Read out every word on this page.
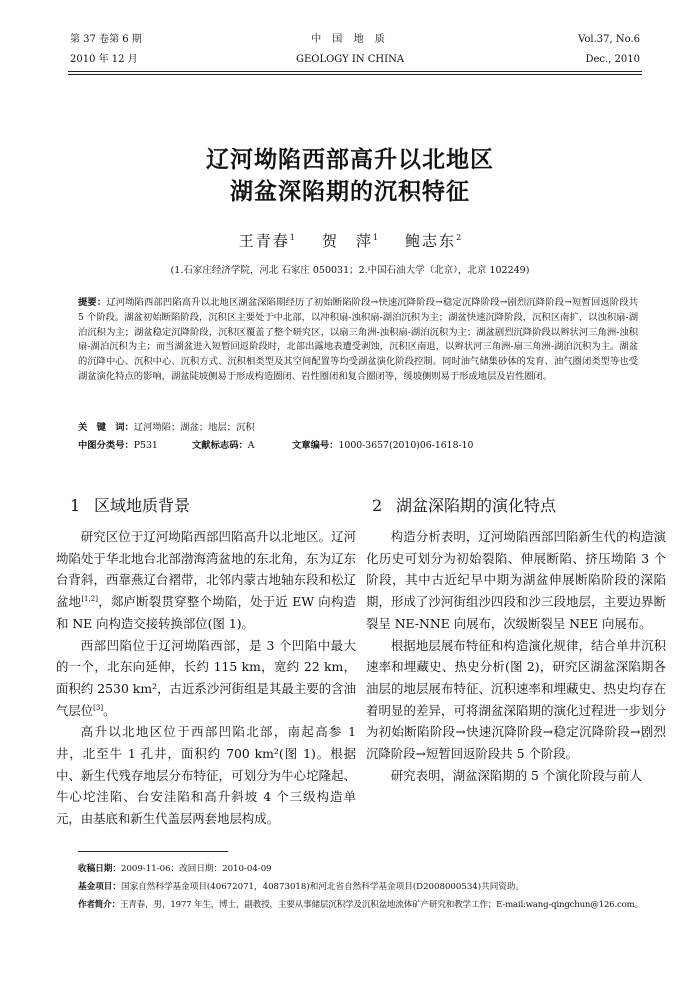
第 37 卷第 6 期
2010 年 12 月
中 国 地 质
GEOLOGY IN CHINA
Vol.37, No.6
Dec., 2010
辽河坳陷西部高升以北地区
湖盆深陷期的沉积特征
王青春$^1$ 贺　萍$^1$ 鲍志东$^2$
(1.石家庄经济学院，河北 石家庄 050031；2.中国石油大学（北京），北京 102249)
提要：辽河坳陷西部凹陷高升以北地区湖盆深陷期经历了初始断陷阶段→快速沉降阶段→稳定沉降阶段→剧烈沉降阶段→短暂回返阶段共 5 个阶段。湖盆初始断陷阶段，沉积区主要处于中北部，以冲积扇-浊积扇-湖泊沉积为主；湖盆快速沉降阶段，沉积区南扩，以浊积扇-湖泊沉积为主；湖盆稳定沉降阶段，沉积区覆盖了整个研究区，以扇三角洲-浊积扇-湖泊沉积为主；湖盆剧烈沉降阶段以辫状河三角洲-浊积扇-湖泊沉积为主；而当湖盆进入短暂回返阶段时，北部出露地表遭受剥蚀，沉积区南退，以辫状河三角洲-扇三角洲-湖泊沉积为主。湖盆的沉降中心、沉积中心、沉积方式、沉积相类型及其空间配置等均受湖盆演化阶段控制。同时油气储集砂体的发育、油气圈闭类型等也受湖盆演化特点的影响，湖盆陡坡侧易于形成构造圈闭、岩性圈闭和复合圈闭等，缓坡侧则易于形成地层及岩性圈闭。
关　键　词：辽河坳陷；湖盆；地层；沉积
中图分类号：P531	文献标志码：A	文章编号：1000-3657(2010)06-1618-10
1 区域地质背景

研究区位于辽河坳陷西部凹陷高升以北地区。辽河坳陷处于华北地台北部渤海湾盆地的东北角，东为辽东台背斜，西靠燕辽台褶带，北邻内蒙古地轴东段和松辽盆地[1,2]，郯庐断裂贯穿整个坳陷，处于近 EW 向构造和 NE 向构造交接转换部位(图 1)。

西部凹陷位于辽河坳陷西部，是 3 个凹陷中最大的一个，北东向延伸，长约 115 km，宽约 22 km，面积约 2530 km²，古近系沙河街组是其最主要的含油气层位[3]。

高升以北地区位于西部凹陷北部，南起高参 1 井，北至牛 1 孔井，面积约 700 km²(图 1)。根据中、新生代残存地层分布特征，可划分为牛心坨隆起、牛心坨洼陷、台安洼陷和高升斜坡 4 个三级构造单元，由基底和新生代盖层两套地层构成。

2 湖盆深陷期的演化特点

构造分析表明，辽河坳陷西部凹陷新生代的构造演化历史可划分为初始裂陷、伸展断陷、挤压坳陷 3 个阶段，其中古近纪早中期为湖盆伸展断陷阶段的深陷期，形成了沙河街组沙四段和沙三段地层，主要边界断裂呈 NE-NNE 向展布，次级断裂呈 NEE 向展布。

根据地层展布特征和构造演化规律，结合单井沉积速率和埋藏史、热史分析(图 2)，研究区湖盆深陷期各油层的地层展布特征、沉积速率和埋藏史、热史均存在着明显的差异，可将湖盆深陷期的演化过程进一步划分为初始断陷阶段→快速沉降阶段→稳定沉降阶段→剧烈沉降阶段→短暂回返阶段共 5 个阶段。

研究表明，湖盆深陷期的 5 个演化阶段与前人

收稿日期：2009-11-06；改回日期：2010-04-09
基金项目：国家自然科学基金项目(40672071，40873018)和河北省自然科学基金项目(D2008000534)共同资助。
作者简介：王青春，男，1977 年生，博士，副教授，主要从事储层沉积学及沉积盆地流体矿产研究和教学工作；E-mail:wang-qingchun@126.com。
